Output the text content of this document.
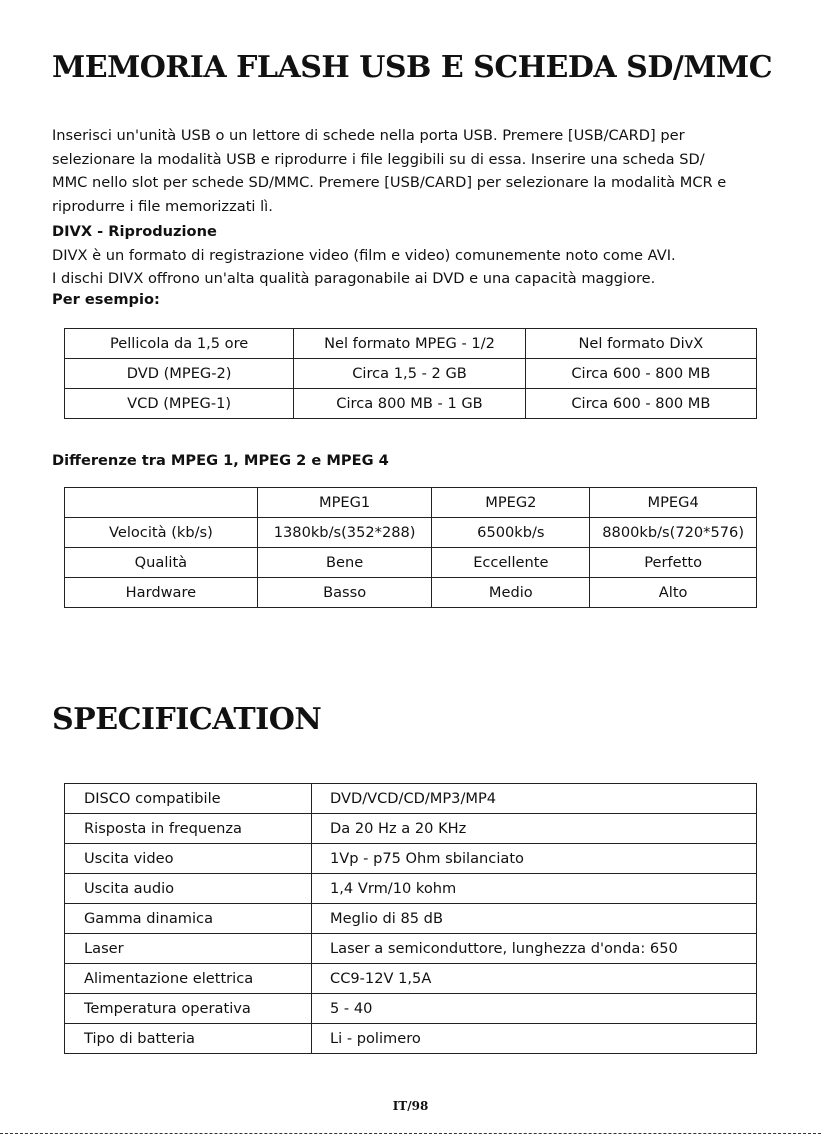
MEMORIA FLASH USB E SCHEDA SD/MMC

Inserisci un'unità USB o un lettore di schede nella porta USB. Premere [USB/CARD] per

selezionare la modalità USB e riprodurre i file leggibili su di essa. Inserire una scheda SD/

MMC nello slot per schede SD/MMC. Premere [USB/CARD] per selezionare la modalità MCR e

riprodurre i file memorizzati lì.

DIVX - Riproduzione

DIVX è un formato di registrazione video (film e video) comunemente noto come AVI.

I dischi DIVX offrono un'alta qualità paragonabile ai DVD e una capacità maggiore.

Per esempio:

Pellicola da 1,5 ore	Nel formato MPEG - 1/2	Nel formato DivX
DVD (MPEG-2)	Circa 1,5 - 2 GB	Circa 600 - 800 MB
VCD (MPEG-1)	Circa 800 MB - 1 GB	Circa 600 - 800 MB

Differenze tra MPEG 1, MPEG 2 e MPEG 4

	MPEG1	MPEG2	MPEG4
Velocità (kb/s)	1380kb/s(352*288)	6500kb/s	8800kb/s(720*576)
Qualità	Bene	Eccellente	Perfetto
Hardware	Basso	Medio	Alto
SPECIFICATION
DISCO compatibile	DVD/VCD/CD/MP3/MP4
Risposta in frequenza	Da 20 Hz a 20 KHz
Uscita video	1Vp - p75 Ohm sbilanciato
Uscita audio	1,4 Vrm/10 kohm
Gamma dinamica	Meglio di 85 dB
Laser	Laser a semiconduttore, lunghezza d'onda: 650
Alimentazione elettrica	CC9-12V 1,5A
Temperatura operativa	5 - 40
Tipo di batteria	Li - polimero
IT/98
